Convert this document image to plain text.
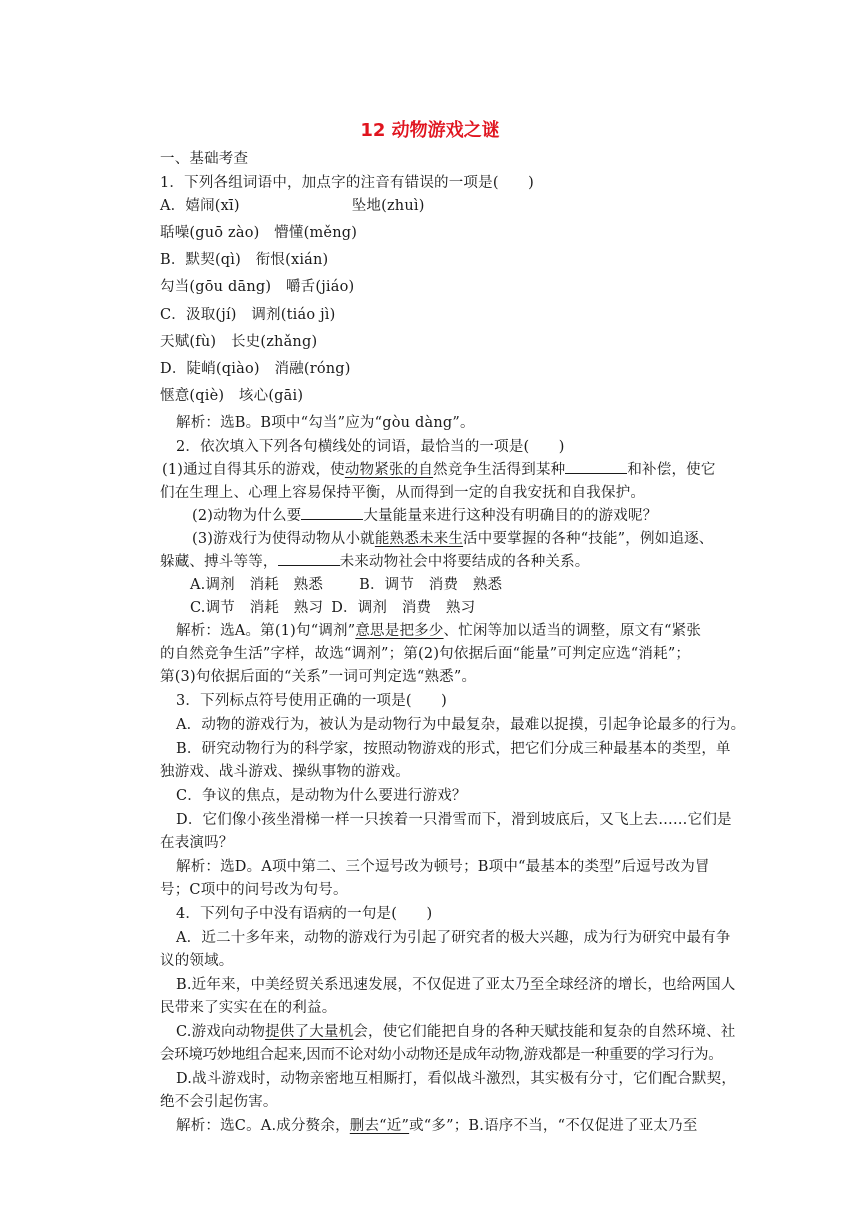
12 动物游戏之谜
一、基础考查
1．下列各组词语中，加点字的注音有错误的一项是(　　)
A．嬉闹(xī)	坠地(zhuì)
聒噪(guō zào)　 懵懂(měng)
B．默契(qì)　 衔恨(xián)
勾当(gōu dāng)　 嚼舌(jiáo)
C．汲取(jí)　 调剂(tiáo jì)
天赋(fù)　 长史(zhǎng)
D．陡峭(qiào)　 消融(róng)
惬意(qiè)　 垓心(gāi)
解析：选B。B项中“勾当”应为“gòu dàng”。
2．依次填入下列各句横线处的词语，最恰当的一项是(　　)
(1)通过自得其乐的游戏，使动物紧张的自然竞争生活得到某种	和补偿，使它
们在生理上、心理上容易保持平衡，从而得到一定的自我安抚和自我保护。
(2)动物为什么要	大量能量来进行这种没有明确目的的游戏呢？
(3)游戏行为使得动物从小就能熟悉未来生活中要掌握的各种“技能”，例如追逐、
躲藏、搏斗等等，	未来动物社会中将要结成的各种关系。
A.调剂　消耗　熟悉 B．调节　消费　熟悉
C.调节　消耗　熟习 D．调剂　消费　熟习
解析：选A。第(1)句“调剂”意思是把多少、忙闲等加以适当的调整，原文有“紧张
的自然竞争生活”字样，故选“调剂”；第(2)句依据后面“能量”可判定应选“消耗”；
第(3)句依据后面的“关系”一词可判定选“熟悉”。
3．下列标点符号使用正确的一项是(　　)
A．动物的游戏行为，被认为是动物行为中最复杂，最难以捉摸，引起争论最多的行为。
B．研究动物行为的科学家，按照动物游戏的形式，把它们分成三种最基本的类型，单
独游戏、战斗游戏、操纵事物的游戏。
C．争议的焦点，是动物为什么要进行游戏？
D．它们像小孩坐滑梯一样一只挨着一只滑雪而下，滑到坡底后，又飞上去……它们是
在表演吗？
解析：选D。A项中第二、三个逗号改为顿号；B项中“最基本的类型”后逗号改为冒
号；C项中的问号改为句号。
4．下列句子中没有语病的一句是(　　)
A．近二十多年来，动物的游戏行为引起了研究者的极大兴趣，成为行为研究中最有争
议的领域。
B.近年来，中美经贸关系迅速发展，不仅促进了亚太乃至全球经济的增长，也给两国人
民带来了实实在在的利益。
C.游戏向动物提供了大量机会，使它们能把自身的各种天赋技能和复杂的自然环境、社
会环境巧妙地组合起来,因而不论对幼小动物还是成年动物,游戏都是一种重要的学习行为。
D.战斗游戏时，动物亲密地互相厮打，看似战斗激烈，其实极有分寸，它们配合默契，
绝不会引起伤害。
解析：选C。A.成分赘余，删去“近”或“多”；B.语序不当，“不仅促进了亚太乃至
